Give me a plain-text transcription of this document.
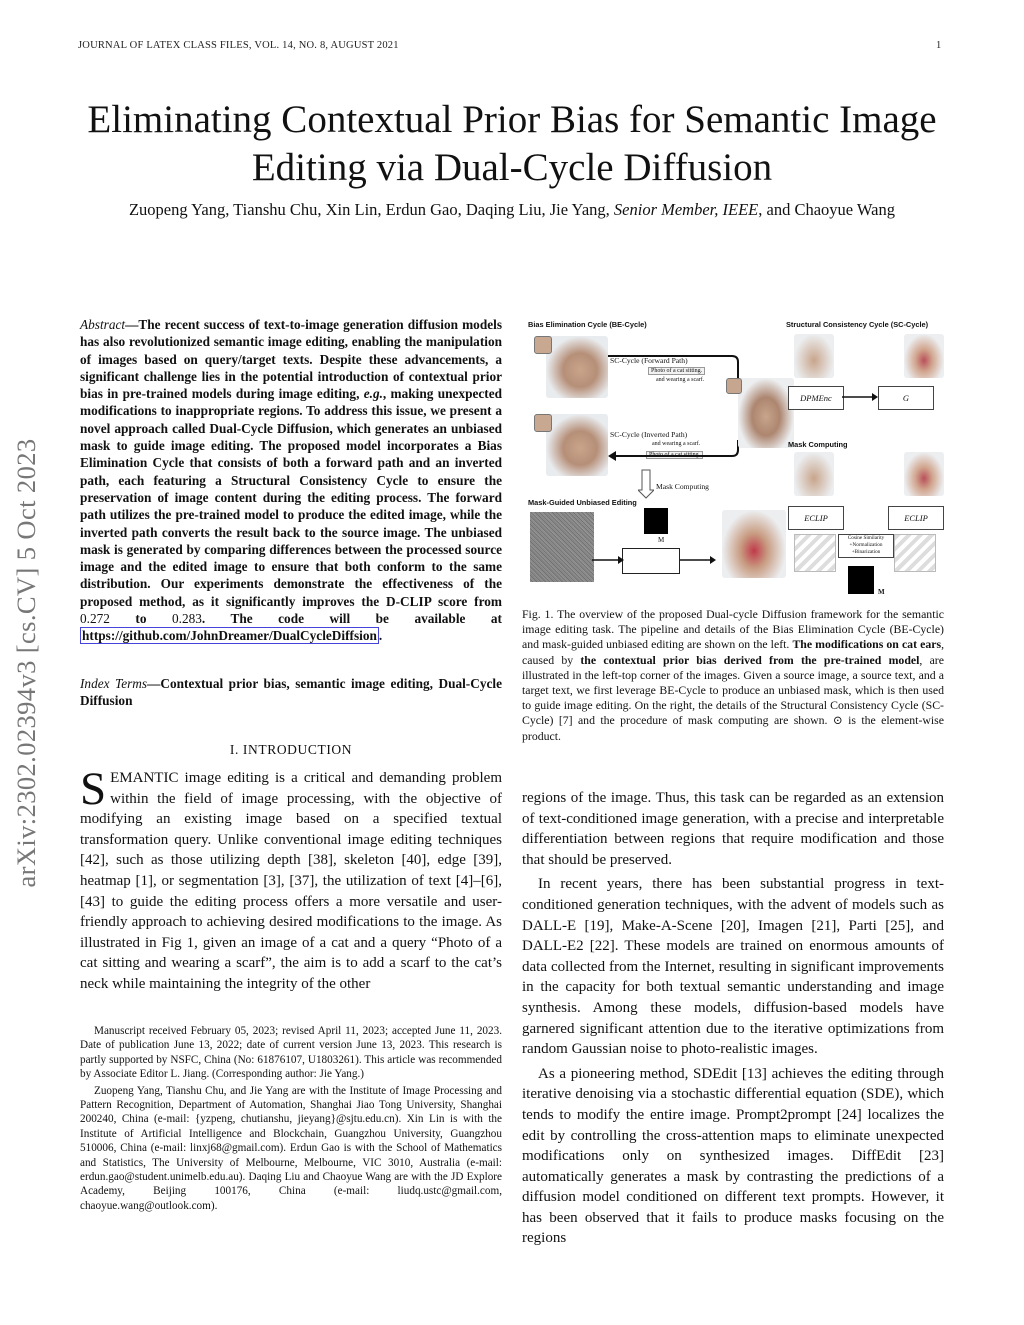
JOURNAL OF LATEX CLASS FILES, VOL. 14, NO. 8, AUGUST 2021	1
Eliminating Contextual Prior Bias for Semantic Image Editing via Dual-Cycle Diffusion
Zuopeng Yang, Tianshu Chu, Xin Lin, Erdun Gao, Daqing Liu, Jie Yang, Senior Member, IEEE, and Chaoyue Wang
arXiv:2302.02394v3 [cs.CV] 5 Oct 2023
Abstract—The recent success of text-to-image generation diffusion models has also revolutionized semantic image editing, enabling the manipulation of images based on query/target texts. Despite these advancements, a significant challenge lies in the potential introduction of contextual prior bias in pre-trained models during image editing, e.g., making unexpected modifications to inappropriate regions. To address this issue, we present a novel approach called Dual-Cycle Diffusion, which generates an unbiased mask to guide image editing. The proposed model incorporates a Bias Elimination Cycle that consists of both a forward path and an inverted path, each featuring a Structural Consistency Cycle to ensure the preservation of image content during the editing process. The forward path utilizes the pre-trained model to produce the edited image, while the inverted path converts the result back to the source image. The unbiased mask is generated by comparing differences between the processed source image and the edited image to ensure that both conform to the same distribution. Our experiments demonstrate the effectiveness of the proposed method, as it significantly improves the D-CLIP score from 0.272 to 0.283. The code will be available at https://github.com/JohnDreamer/DualCycleDiffsion .
Index Terms—Contextual prior bias, semantic image editing, Dual-Cycle Diffusion
I. INTRODUCTION
SEMANTIC image editing is a critical and demanding problem within the field of image processing, with the objective of modifying an existing image based on a specified textual transformation query. Unlike conventional image editing techniques [42], such as those utilizing depth [38], skeleton [40], edge [39], heatmap [1], or segmentation [3], [37], the utilization of text [4]–[6], [43] to guide the editing process offers a more versatile and user-friendly approach to achieving desired modifications to the image. As illustrated in Fig 1, given an image of a cat and a query “Photo of a cat sitting and wearing a scarf”, the aim is to add a scarf to the cat’s neck while maintaining the integrity of the other

Manuscript received February 05, 2023; revised April 11, 2023; accepted June 11, 2023. Date of publication June 13, 2022; date of current version June 13, 2023. This research is partly supported by NSFC, China (No: 61876107, U1803261). This article was recommended by Associate Editor L. Jiang. (Corresponding author: Jie Yang.)

Zuopeng Yang, Tianshu Chu, and Jie Yang are with the Institute of Image Processing and Pattern Recognition, Department of Automation, Shanghai Jiao Tong University, Shanghai 200240, China (e-mail: {yzpeng, chutianshu, jieyang}@sjtu.edu.cn). Xin Lin is with the Institute of Artificial Intelligence and Blockchain, Guangzhou University, Guangzhou 510006, China (e-mail: linxj68@gmail.com). Erdun Gao is with the School of Mathematics and Statistics, The University of Melbourne, Melbourne, VIC 3010, Australia (e-mail: erdun.gao@student.unimelb.edu.au). Daqing Liu and Chaoyue Wang are with the JD Explore Academy, Beijing 100176, China (e-mail: liudq.ustc@gmail.com, chaoyue.wang@outlook.com).

Bias Elimination Cycle (BE-Cycle)	Structural Consistency Cycle (SC-Cycle)
SC-Cycle (Forward Path)
Photo of a cat sitting.
and wearing a scarf.
SC-Cycle (Inverted Path)
and wearing a scarf.
Photo of a cat sitting.
Mask Computing
Mask-Guided Unbiased Editing
M
DPMEnc	G
Mask Computing
ECLIP	ECLIP
Cosine Similarity +Normalization +Binarization
M
Fig. 1. The overview of the proposed Dual-cycle Diffusion framework for the semantic image editing task. The pipeline and details of the Bias Elimination Cycle (BE-Cycle) and mask-guided unbiased editing are shown on the left. The modifications on cat ears, caused by the contextual prior bias derived from the pre-trained model, are illustrated in the left-top corner of the images. Given a source image, a source text, and a target text, we first leverage BE-Cycle to produce an unbiased mask, which is then used to guide image editing. On the right, the details of the Structural Consistency Cycle (SC-Cycle) [7] and the procedure of mask computing are shown. ⊙ is the element-wise product.

regions of the image. Thus, this task can be regarded as an extension of text-conditioned image generation, with a precise and interpretable differentiation between regions that require modification and those that should be preserved.

In recent years, there has been substantial progress in text-conditioned generation techniques, with the advent of models such as DALL-E [19], Make-A-Scene [20], Imagen [21], Parti [25], and DALL-E2 [22]. These models are trained on enormous amounts of data collected from the Internet, resulting in significant improvements in the capacity for both textual semantic understanding and image synthesis. Among these models, diffusion-based models have garnered significant attention due to the iterative optimizations from random Gaussian noise to photo-realistic images.

As a pioneering method, SDEdit [13] achieves the editing through iterative denoising via a stochastic differential equation (SDE), which tends to modify the entire image. Prompt2prompt [24] localizes the edit by controlling the cross-attention maps to eliminate unexpected modifications only on synthesized images. DiffEdit [23] automatically generates a mask by contrasting the predictions of a diffusion model conditioned on different text prompts. However, it has been observed that it fails to produce masks focusing on the regions
